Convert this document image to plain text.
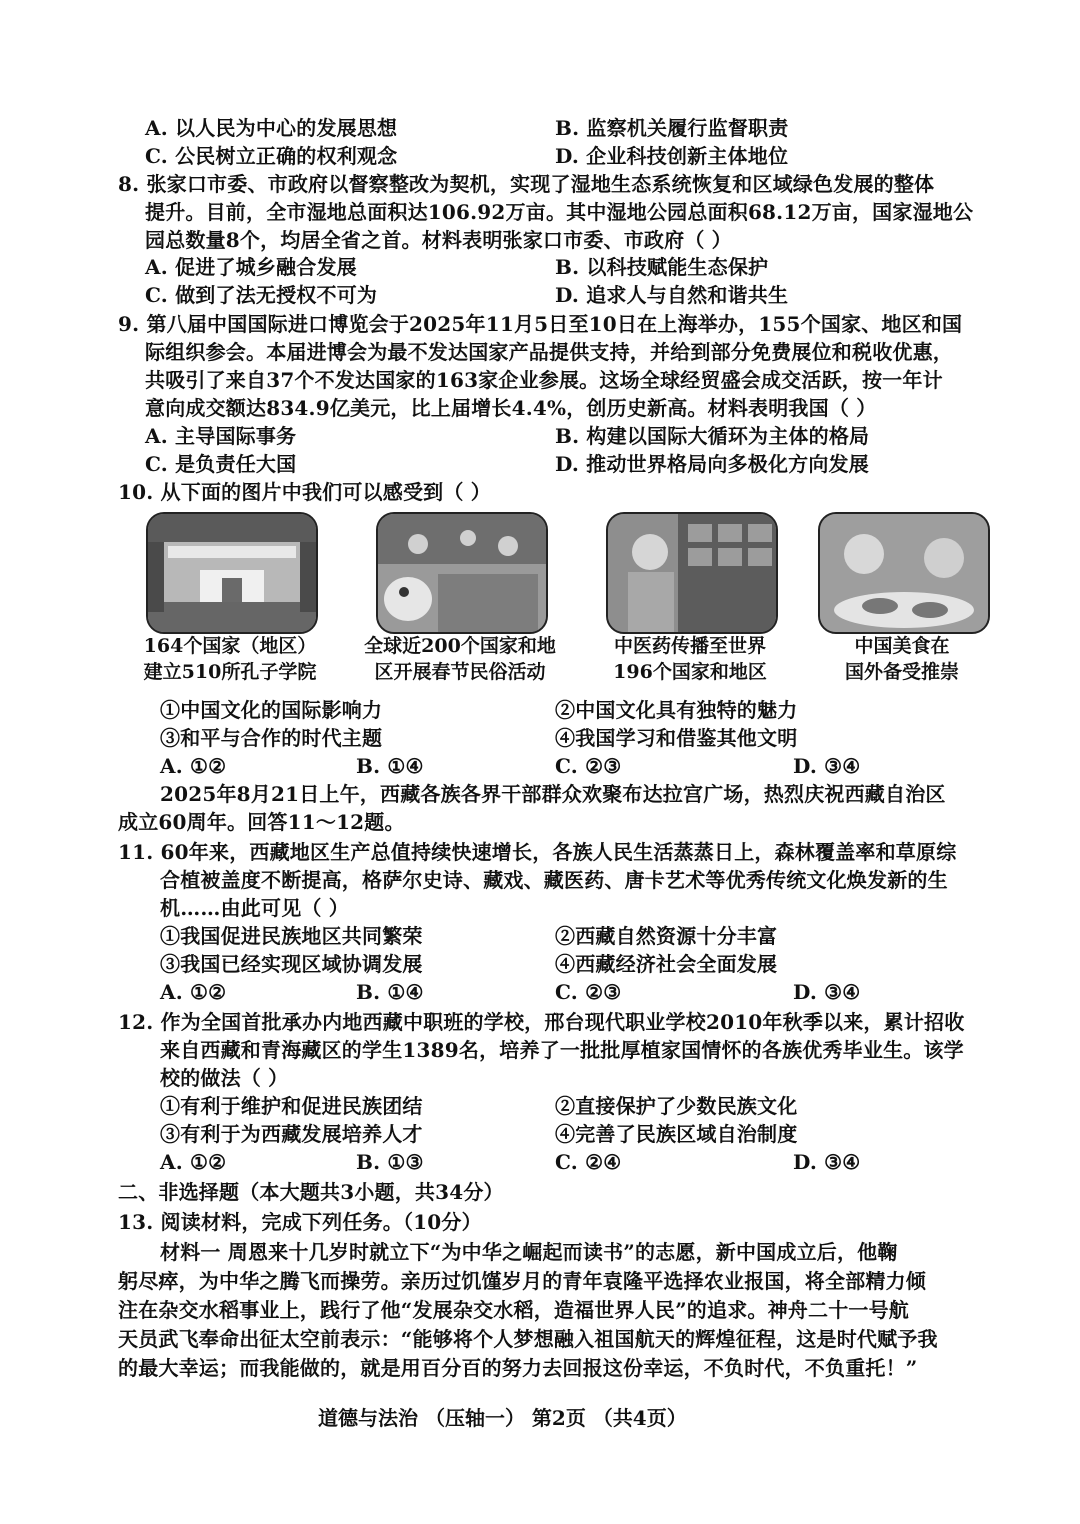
A. 以人民为中心的发展思想	B. 监察机关履行监督职责
C. 公民树立正确的权利观念	D. 企业科技创新主体地位
8. 张家口市委、市政府以督察整改为契机，实现了湿地生态系统恢复和区域绿色发展的整体
提升。目前，全市湿地总面积达106.92万亩。其中湿地公园总面积68.12万亩，国家湿地公
园总数量8个，均居全省之首。材料表明张家口市委、市政府（ ）
A. 促进了城乡融合发展	B. 以科技赋能生态保护
C. 做到了法无授权不可为	D. 追求人与自然和谐共生
9. 第八届中国国际进口博览会于2025年11月5日至10日在上海举办，155个国家、地区和国
际组织参会。本届进博会为最不发达国家产品提供支持，并给到部分免费展位和税收优惠，
共吸引了来自37个不发达国家的163家企业参展。这场全球经贸盛会成交活跃，按一年计
意向成交额达834.9亿美元，比上届增长4.4%，创历史新高。材料表明我国（ ）
A. 主导国际事务	B. 构建以国际大循环为主体的格局
C. 是负责任大国	D. 推动世界格局向多极化方向发展
10. 从下面的图片中我们可以感受到（ ）
164个国家（地区）
建立510所孔子学院
全球近200个国家和地
区开展春节民俗活动
中医药传播至世界
196个国家和地区
中国美食在
国外备受推崇
①中国文化的国际影响力	②中国文化具有独特的魅力
③和平与合作的时代主题	④我国学习和借鉴其他文明
A. ①②	B. ①④	C. ②③	D. ③④
2025年8月21日上午，西藏各族各界干部群众欢聚布达拉宫广场，热烈庆祝西藏自治区
成立60周年。回答11～12题。
11. 60年来，西藏地区生产总值持续快速增长，各族人民生活蒸蒸日上，森林覆盖率和草原综
合植被盖度不断提高，格萨尔史诗、藏戏、藏医药、唐卡艺术等优秀传统文化焕发新的生
机……由此可见（ ）
①我国促进民族地区共同繁荣	②西藏自然资源十分丰富
③我国已经实现区域协调发展	④西藏经济社会全面发展
A. ①②	B. ①④	C. ②③	D. ③④
12. 作为全国首批承办内地西藏中职班的学校，邢台现代职业学校2010年秋季以来，累计招收
来自西藏和青海藏区的学生1389名，培养了一批批厚植家国情怀的各族优秀毕业生。该学
校的做法（ ）
①有利于维护和促进民族团结	②直接保护了少数民族文化
③有利于为西藏发展培养人才	④完善了民族区域自治制度
A. ①②	B. ①③	C. ②④	D. ③④
二、非选择题（本大题共3小题，共34分）
13. 阅读材料，完成下列任务。（10分）
材料一 周恩来十几岁时就立下“为中华之崛起而读书”的志愿，新中国成立后，他鞠
躬尽瘁，为中华之腾飞而操劳。亲历过饥馑岁月的青年袁隆平选择农业报国，将全部精力倾
注在杂交水稻事业上，践行了他“发展杂交水稻，造福世界人民”的追求。神舟二十一号航
天员武飞奉命出征太空前表示：“能够将个人梦想融入祖国航天的辉煌征程，这是时代赋予我
的最大幸运；而我能做的，就是用百分百的努力去回报这份幸运，不负时代，不负重托！”
道德与法治 （压轴一） 第2页 （共4页）
